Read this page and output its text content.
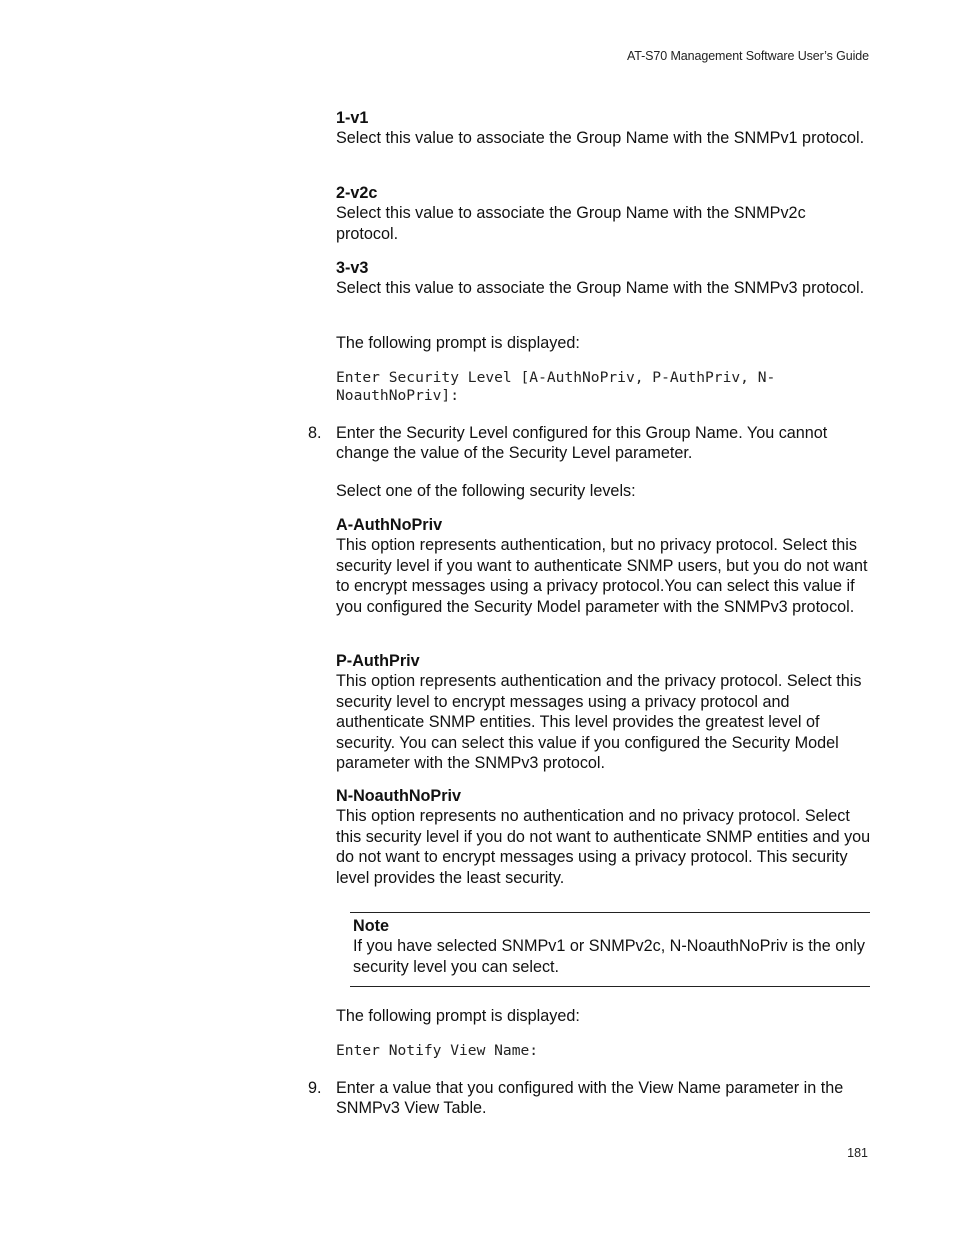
AT-S70 Management Software User’s Guide

1-v1

Select this value to associate the Group Name with the SNMPv1 protocol.

2-v2c

Select this value to associate the Group Name with the SNMPv2c protocol.

3-v3

Select this value to associate the Group Name with the SNMPv3 protocol.

The following prompt is displayed:

Enter Security Level [A-AuthNoPriv, P-AuthPriv, N-

NoauthNoPriv]:

8. Enter the Security Level configured for this Group Name. You cannot change the value of the Security Level parameter.

Select one of the following security levels:

A-AuthNoPriv

This option represents authentication, but no privacy protocol. Select this security level if you want to authenticate SNMP users, but you do not want to encrypt messages using a privacy protocol.You can select this value if you configured the Security Model parameter with the SNMPv3 protocol.

P-AuthPriv

This option represents authentication and the privacy protocol. Select this security level to encrypt messages using a privacy protocol and authenticate SNMP entities. This level provides the greatest level of security. You can select this value if you configured the Security Model parameter with the SNMPv3 protocol.

N-NoauthNoPriv

This option represents no authentication and no privacy protocol. Select this security level if you do not want to authenticate SNMP entities and you do not want to encrypt messages using a privacy protocol. This security level provides the least security.

Note

If you have selected SNMPv1 or SNMPv2c, N-NoauthNoPriv is the only security level you can select.

The following prompt is displayed:

Enter Notify View Name:

9. Enter a value that you configured with the View Name parameter in the SNMPv3 View Table.

181
